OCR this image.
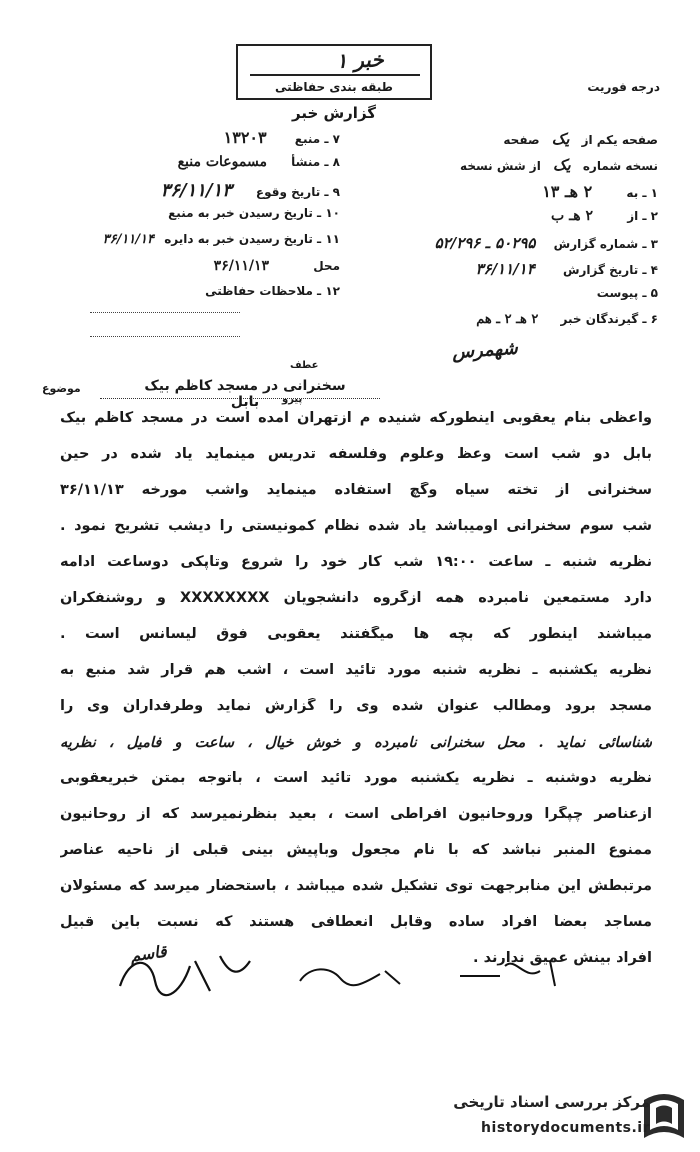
خبر ۱
طبقه بندی حفاظتی
گزارش خبر
درجه فوریت
صفحه یکم از یک صفحه
نسخه شماره یک از شش نسخه
۱ ـ به ۲ هـ ۱۳
۲ ـ از ۲ هـ ب
۳ ـ شماره گزارش ۵۰۲۹۵ ـ ۵۲/۲۹۶
۴ ـ تاریخ گزارش ۳۶/۱۱/۱۴
۵ ـ پیوست
۶ ـ گیرندگان خبر ۲ هـ ۲ ـ هم
۷ ـ منبع ۱۳۲۰۳
۸ ـ منشأ مسموعات منبع
۹ ـ تاریخ وقوع ۳۶/۱۱/۱۳
۱۰ ـ تاریخ رسیدن خبر به منبع
۱۱ ـ تاریخ رسیدن خبر به دایره ۳۶/۱۱/۱۴
محل ۳۶/۱۱/۱۳
۱۲ ـ ملاحظات حفاظتی
شهمرس
موضوع	سخنرانی در مسجد کاظم بیک بابل
عطف
پیرو
واعظی بنام یعقوبی اینطورکه شنیده م ازتهران آمده است در مسجد کاظم بیک
بابل دو شب است وعظ وعلوم وفلسفه تدریس مینماید یاد شده در حین
سخنرانی از تخته سیاه وگچ استفاده مینماید واشب مورخه ۳۶/۱۱/۱۳
شب سوم سخنرانی اومیباشد یاد شده نظام کمونیستی را دیشب تشریح نمود .
نظریه شنبه ـ ساعت ۱۹:۰۰ شب کار خود را شروع وتاپکی دوساعت ادامه
دارد مستمعین نامبرده همه ازگروه دانشجویان XXXXXXXX و روشنفکران
میباشند اینطور که بچه ها میگفتند یعقوبی فوق لیسانس است .
نظریه یکشنبه ـ نظریه شنبه مورد تائید است ، اشب هم قرار شد منبع به
مسجد برود ومطالب عنوان شده وی را گزارش نماید وطرفداران وی را
شناسائی نماید . محل سخنرانی نامبرده و خوش خیال ، ساعت و فامیل ، نظریه
نظریه دوشنبه ـ نظریه یکشنبه مورد تائید است ، باتوجه بمتن خبریعقوبی
ازعناصر چپگرا وروحانیون افراطی است ، بعید بنظرنمیرسد که از روحانیون
ممنوع المنبر نباشد که با نام مجعول وباپیش بینی قبلی از ناحیه عناصر
مرتبطش این منابرجهت توی تشکیل شده میباشد ، باستحضار میرسد که مسئولان
مساجد بعضاً افراد ساده وقابل انعطافی هستند که نسبت باین قبیل
افراد بینش عمیق ندارند .
قاسم
مرکز بررسی اسناد تاریخی
historydocuments.ir
